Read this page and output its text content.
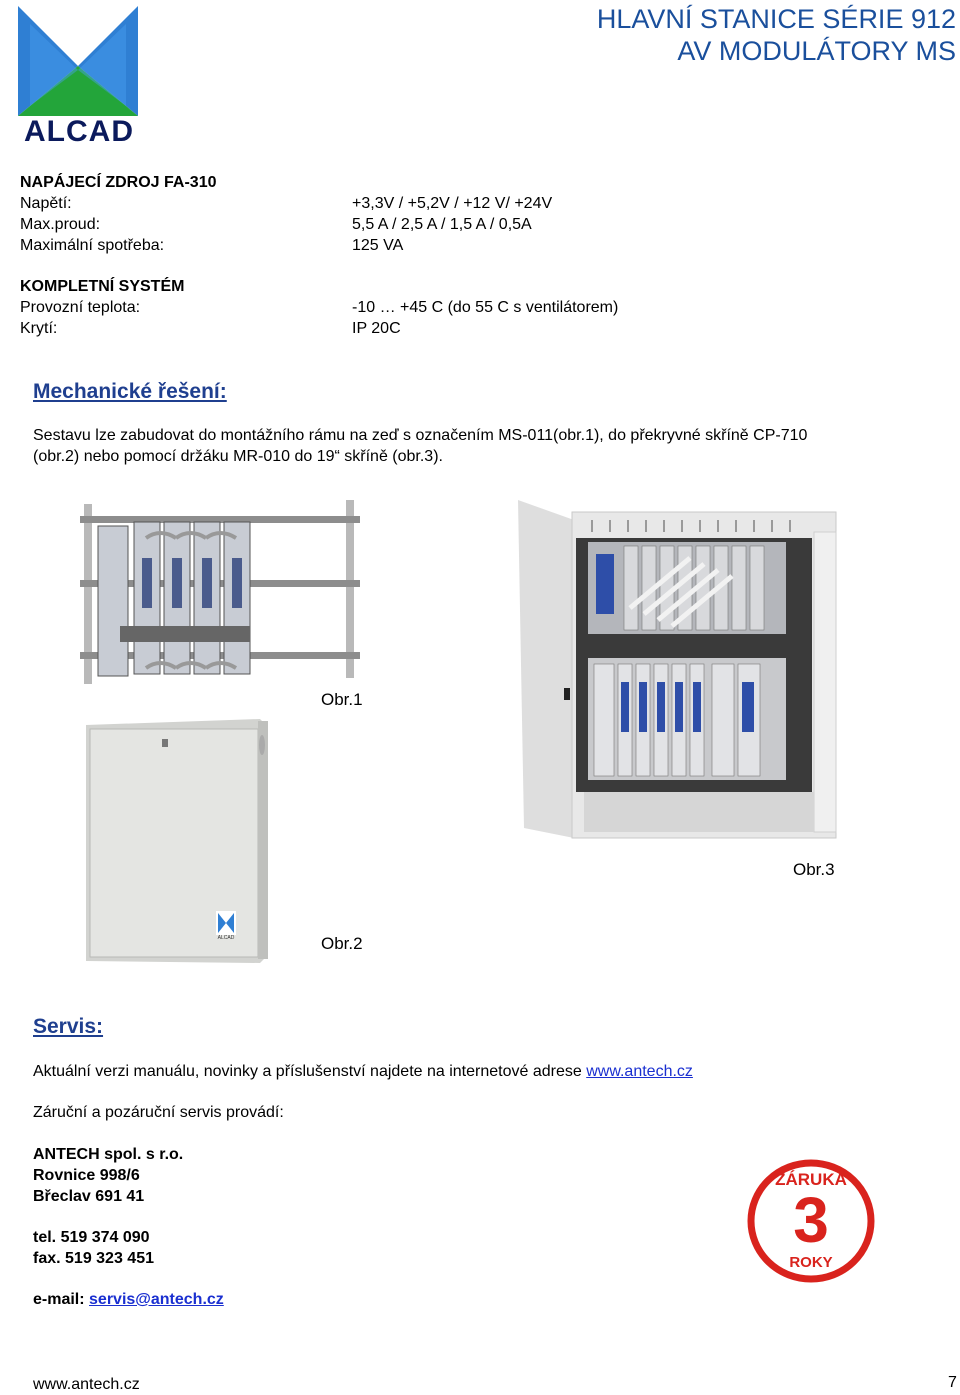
ALCAD
HLAVNÍ STANICE SÉRIE 912
AV MODULÁTORY MS
NAPÁJECÍ ZDROJ FA-310
Napětí:	+3,3V / +5,2V / +12 V/ +24V
Max.proud:	5,5 A / 2,5 A / 1,5 A / 0,5A
Maximální spotřeba:	125 VA
KOMPLETNÍ SYSTÉM
Provozní teplota:	-10 … +45 C (do 55 C s ventilátorem)
Krytí:	IP 20C
Mechanické řešení:
Sestavu lze zabudovat do montážního rámu na zeď s označením MS-011(obr.1), do překryvné skříně CP-710
(obr.2) nebo pomocí držáku MR-010 do 19“ skříně (obr.3).
Obr.1
ALCAD	Obr.2
Obr.3
Servis:
Aktuální verzi manuálu, novinky a příslušenství najdete na internetové adrese www.antech.cz
Záruční a pozáruční servis provádí:
ANTECH spol. s r.o.
Rovnice 998/6
Břeclav 691 41
tel. 519 374 090
fax. 519 323 451
e-mail: servis@antech.cz
ZÁRUKA
3
ROKY
www.antech.cz	7
